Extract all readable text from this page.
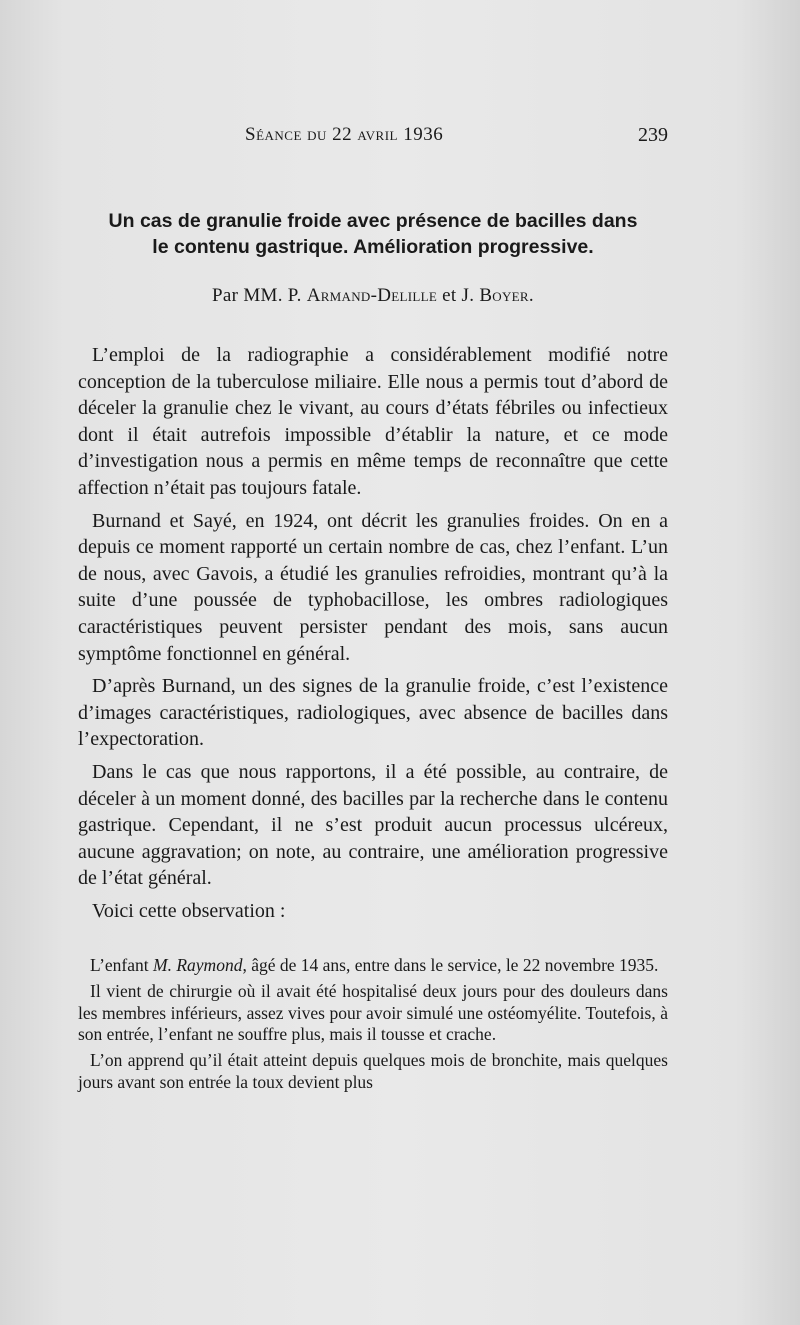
Séance du 22 avril 1936	239
Un cas de granulie froide avec présence de bacilles dans
le contenu gastrique. Amélioration progressive.
Par MM. P. Armand-Delille et J. Boyer.

L’emploi de la radiographie a considérablement modifié notre conception de la tuberculose miliaire. Elle nous a permis tout d’abord de déceler la granulie chez le vivant, au cours d’états fébriles ou infectieux dont il était autrefois impossible d’établir la nature, et ce mode d’investigation nous a permis en même temps de reconnaître que cette affection n’était pas toujours fatale.

Burnand et Sayé, en 1924, ont décrit les granulies froides. On en a depuis ce moment rapporté un certain nombre de cas, chez l’enfant. L’un de nous, avec Gavois, a étudié les granulies refroidies, montrant qu’à la suite d’une poussée de typhobacillose, les ombres radiologiques caractéristiques peuvent persister pendant des mois, sans aucun symptôme fonctionnel en général.

D’après Burnand, un des signes de la granulie froide, c’est l’existence d’images caractéristiques, radiologiques, avec absence de bacilles dans l’expectoration.

Dans le cas que nous rapportons, il a été possible, au contraire, de déceler à un moment donné, des bacilles par la recherche dans le contenu gastrique. Cependant, il ne s’est produit aucun processus ulcéreux, aucune aggravation; on note, au contraire, une amélioration progressive de l’état général.

Voici cette observation :

L’enfant M. Raymond, âgé de 14 ans, entre dans le service, le 22 novembre 1935.

Il vient de chirurgie où il avait été hospitalisé deux jours pour des douleurs dans les membres inférieurs, assez vives pour avoir simulé une ostéomyélite. Toutefois, à son entrée, l’enfant ne souffre plus, mais il tousse et crache.

L’on apprend qu’il était atteint depuis quelques mois de bronchite, mais quelques jours avant son entrée la toux devient plus
